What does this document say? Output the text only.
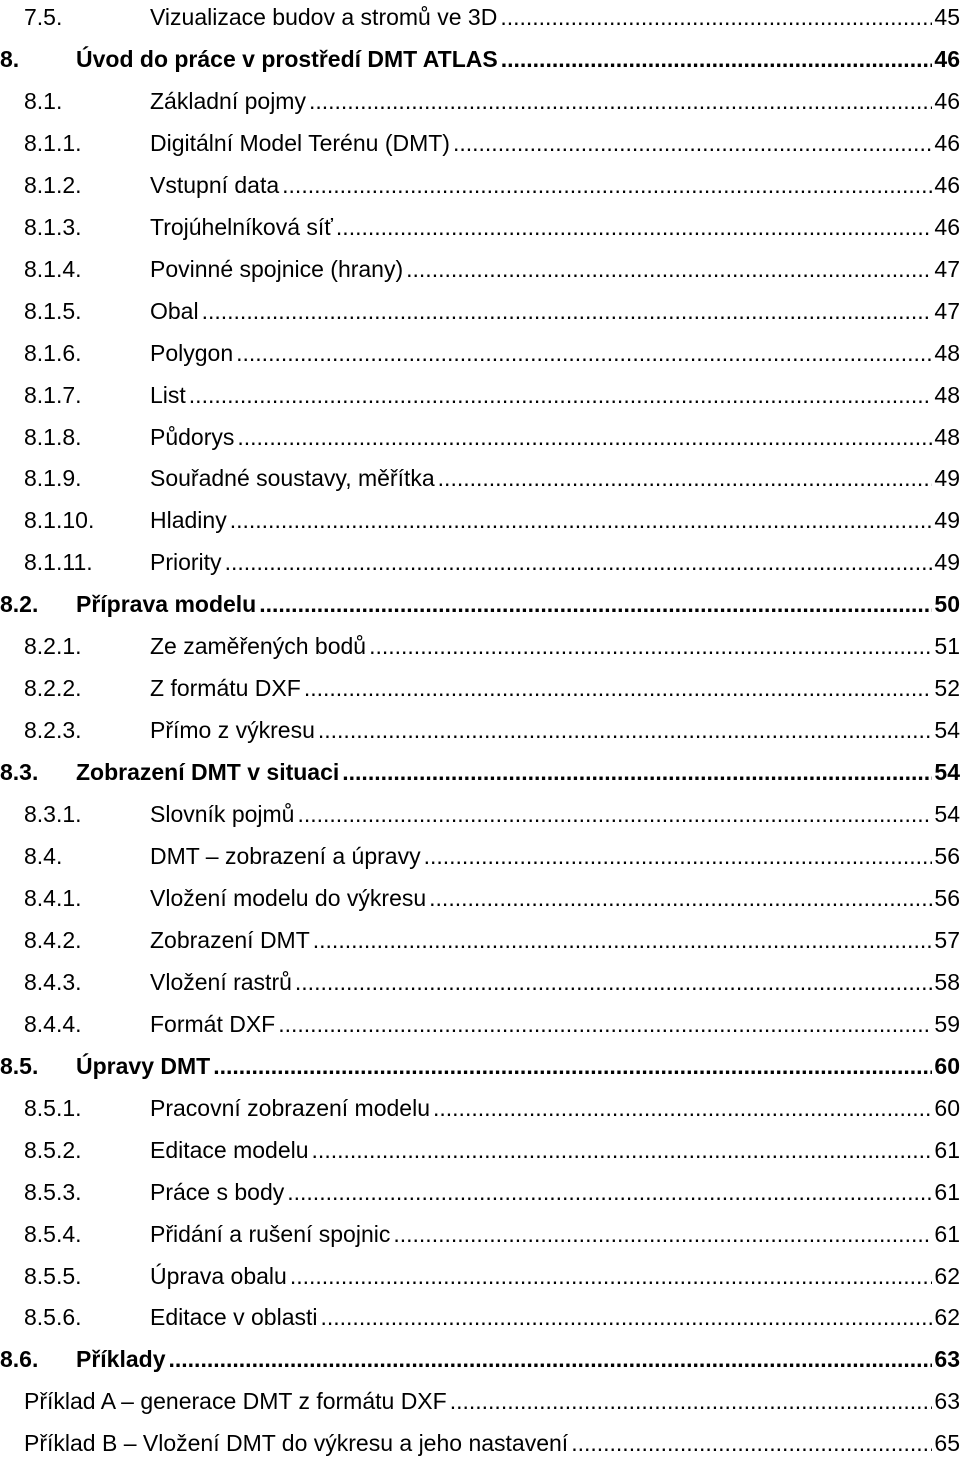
7.5.	Vizualizace budov a stromů ve 3D .....	45
8. Úvod do práce v prostředí DMT ATLAS .....	46
8.1.	Základní pojmy .....	46
8.1.1.	Digitální Model Terénu (DMT) .....	46
8.1.2.	Vstupní data .....	46
8.1.3.	Trojúhelníková síť .....	46
8.1.4.	Povinné spojnice (hrany) .....	47
8.1.5.	Obal .....	47
8.1.6.	Polygon .....	48
8.1.7.	List .....	48
8.1.8.	Půdorys .....	48
8.1.9.	Souřadné soustavy, měřítka .....	49
8.1.10. Hladiny .....	49
8.1.11. Priority .....	49
8.2. Příprava modelu .....	50
8.2.1.	Ze zaměřených bodů .....	51
8.2.2.	Z formátu DXF .....	52
8.2.3.	Přímo z výkresu .....	54
8.3. Zobrazení DMT v situaci .....	54
8.3.1.	Slovník pojmů .....	54
8.4.	DMT – zobrazení a úpravy .....	56
8.4.1.	Vložení modelu do výkresu .....	56
8.4.2.	Zobrazení DMT .....	57
8.4.3.	Vložení rastrů .....	58
8.4.4.	Formát DXF .....	59
8.5. Úpravy DMT .....	60
8.5.1.	Pracovní zobrazení modelu .....	60
8.5.2.	Editace modelu .....	61
8.5.3.	Práce s body .....	61
8.5.4.	Přidání a rušení spojnic .....	61
8.5.5.	Úprava obalu .....	62
8.5.6.	Editace v oblasti .....	62
8.6. Příklady .....	63
Příklad A – generace DMT z formátu DXF .....	63
Příklad B – Vložení DMT do výkresu a jeho nastavení .....	65
